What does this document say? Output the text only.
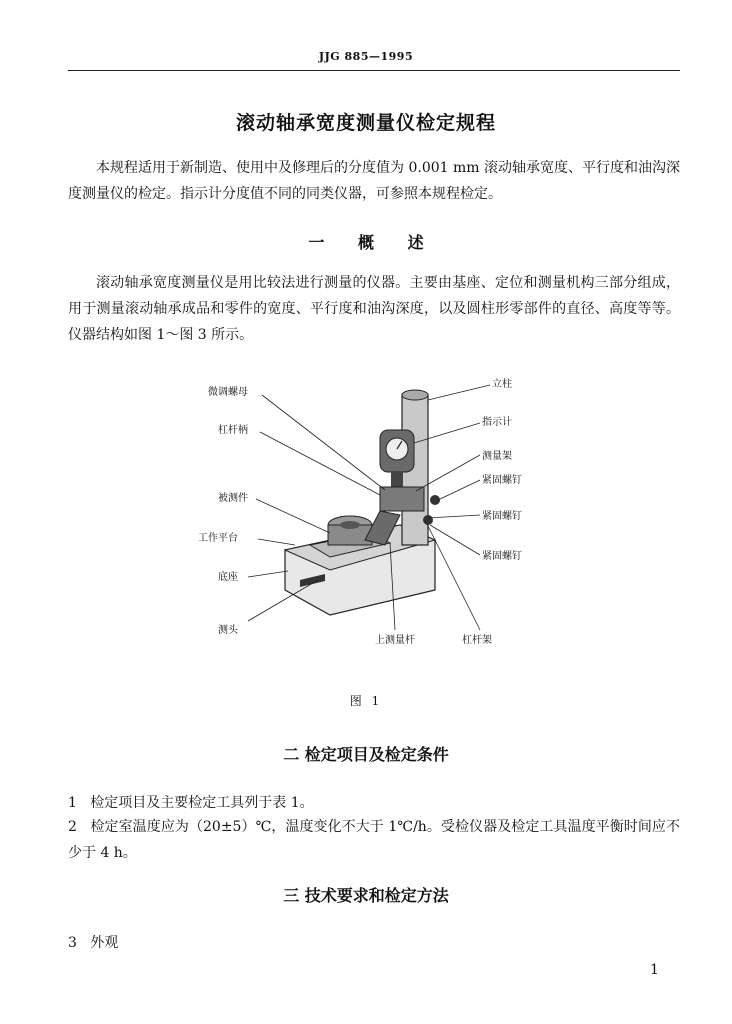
JJG 885—1995
滚动轴承宽度测量仪检定规程
本规程适用于新制造、使用中及修理后的分度值为 0.001 mm 滚动轴承宽度、平行度和油沟深度测量仪的检定。指示计分度值不同的同类仪器，可参照本规程检定。
一 概 述
滚动轴承宽度测量仪是用比较法进行测量的仪器。主要由基座、定位和测量机构三部分组成，用于测量滚动轴承成品和零件的宽度、平行度和油沟深度，以及圆柱形零部件的直径、高度等等。仪器结构如图 1～图 3 所示。
微调螺母
杠杆柄
被测件
工作平台
底座
测头
立柱
指示计
测量架
紧固螺钉
紧固螺钉
紧固螺钉
上测量杆	杠杆架
图 1
二 检定项目及检定条件
1 检定项目及主要检定工具列于表 1。
2 检定室温度应为（20±5）℃，温度变化不大于 1℃/h。受检仪器及检定工具温度平衡时间应不少于 4 h。
三 技术要求和检定方法
3 外观
1
